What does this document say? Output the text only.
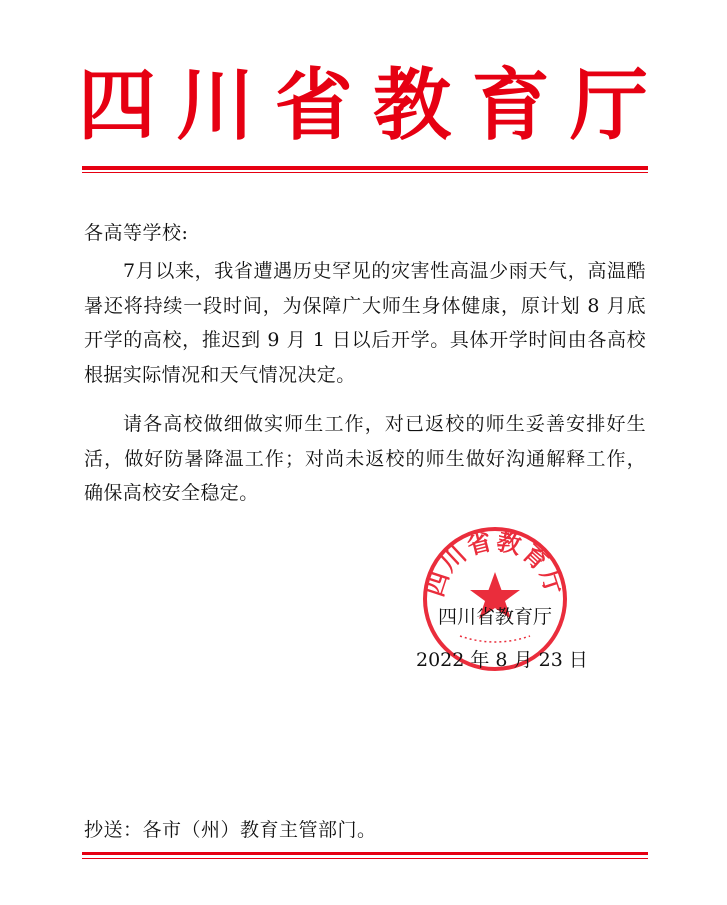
四 川 省 教 育 厅
各高等学校:

7月以来，我省遭遇历史罕见的灾害性高温少雨天气，高温酷暑还将持续一段时间，为保障广大师生身体健康，原计划 8 月底开学的高校，推迟到 9 月 1 日以后开学。具体开学时间由各高校根据实际情况和天气情况决定。

请各高校做细做实师生工作，对已返校的师生妥善安排好生活，做好防暑降温工作；对尚未返校的师生做好沟通解释工作，确保高校安全稳定。

四川省教育厅
四川省教育厅
2022 年 8 月 23 日
抄送：各市（州）教育主管部门。
